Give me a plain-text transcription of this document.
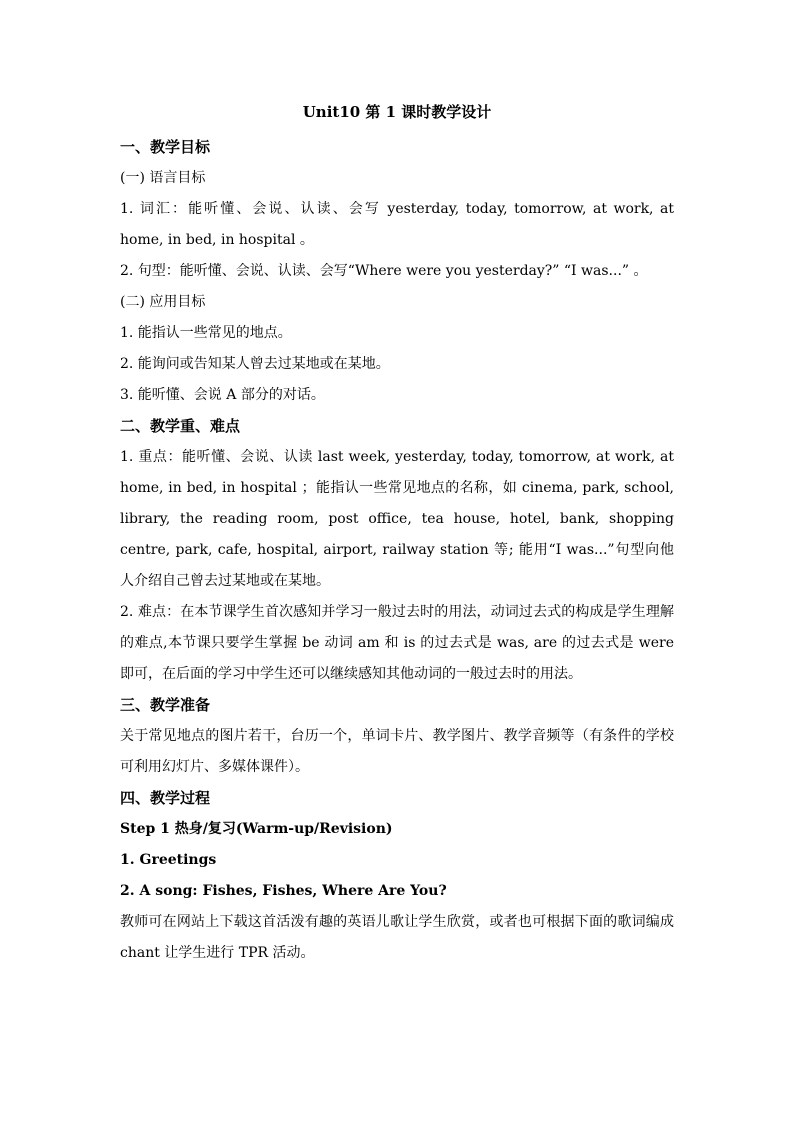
Unit10 第 1 课时教学设计
一、教学目标
(一) 语言目标
1. 词汇：能听懂、会说、认读、会写 yesterday, today, tomorrow, at work, at home, in bed, in hospital 。
2. 句型：能听懂、会说、认读、会写“Where were you yesterday?” “I was...” 。
(二) 应用目标
1. 能指认一些常见的地点。
2. 能询问或告知某人曾去过某地或在某地。
3. 能听懂、会说 A 部分的对话。
二、教学重、难点
1. 重点：能听懂、会说、认读 last week, yesterday, today, tomorrow, at work, at home, in bed, in hospital ；能指认一些常见地点的名称，如 cinema, park, school, library, the reading room, post office, tea house, hotel, bank, shopping centre, park, cafe, hospital, airport, railway station 等; 能用“I was...”句型向他人介绍自己曾去过某地或在某地。
2. 难点：在本节课学生首次感知并学习一般过去时的用法，动词过去式的构成是学生理解的难点,本节课只要学生掌握 be 动词 am 和 is 的过去式是 was, are 的过去式是 were 即可，在后面的学习中学生还可以继续感知其他动词的一般过去时的用法。
三、教学准备
关于常见地点的图片若干，台历一个，单词卡片、教学图片、教学音频等（有条件的学校可利用幻灯片、多媒体课件）。
四、教学过程
Step 1 热身/复习(Warm-up/Revision)
1. Greetings
2. A song: Fishes, Fishes, Where Are You?
教师可在网站上下载这首活泼有趣的英语儿歌让学生欣赏，或者也可根据下面的歌词编成 chant 让学生进行 TPR 活动。
